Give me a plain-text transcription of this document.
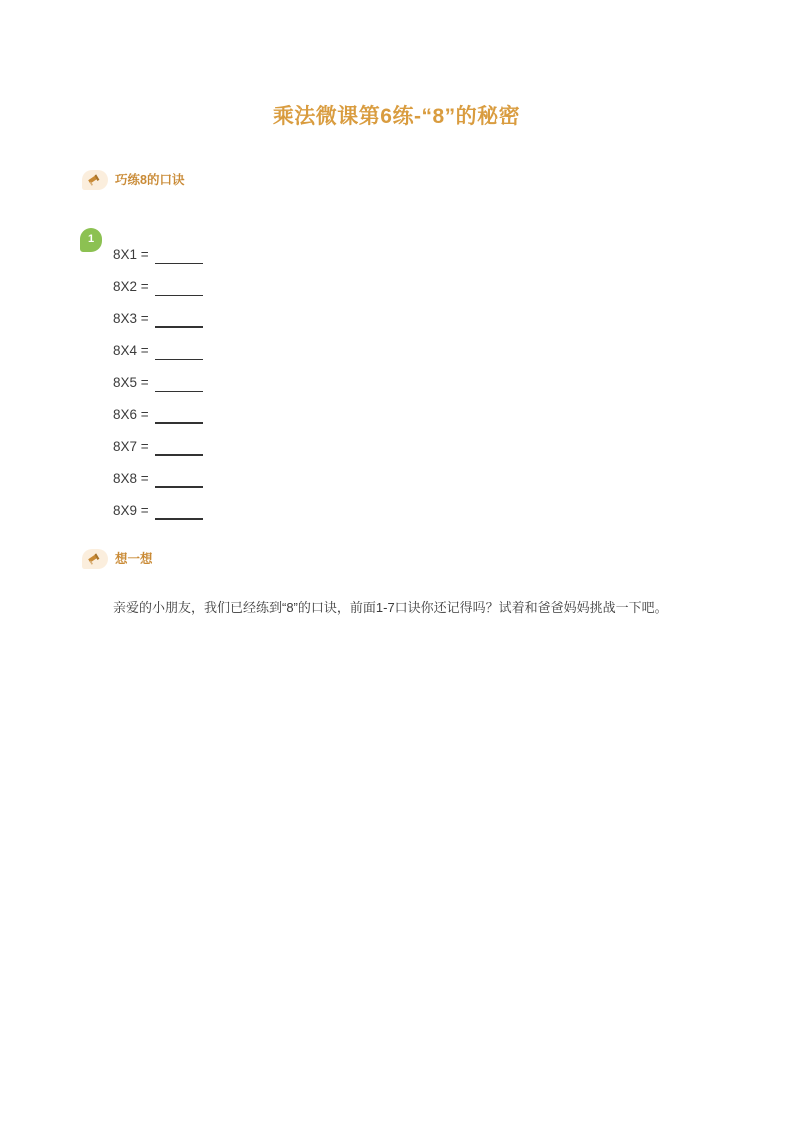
乘法微课第6练-“8”的秘密
巧练8的口诀
1
8X1 =
8X2 =
8X3 =
8X4 =
8X5 =
8X6 =
8X7 =
8X8 =
8X9 =
想一想
亲爱的小朋友，我们已经练到“8”的口诀，前面1-7口诀你还记得吗？试着和爸爸妈妈挑战一下吧。
